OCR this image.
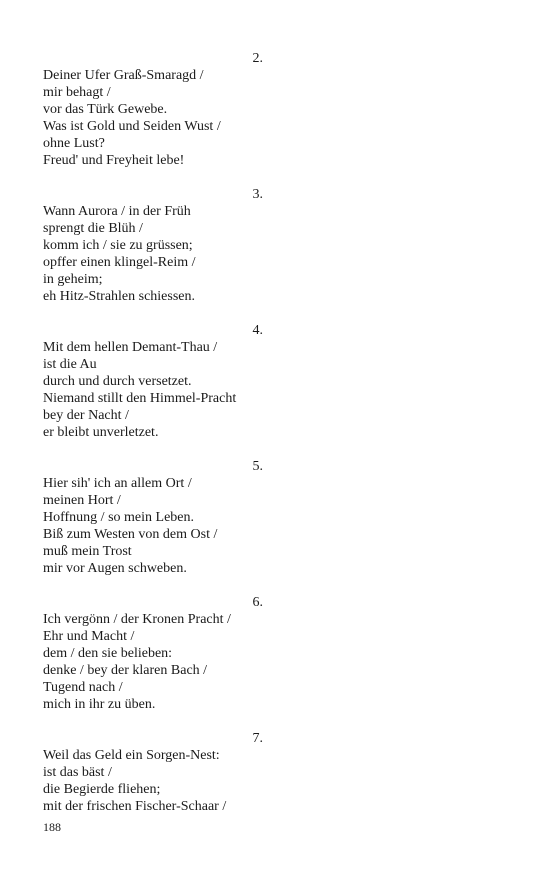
2.
Deiner Ufer Graß-Smaragd /
mir behagt /
vor das Türk Gewebe.
Was ist Gold und Seiden Wust /
ohne Lust?
Freud' und Freyheit lebe!
3.
Wann Aurora / in der Früh
sprengt die Blüh /
komm ich / sie zu grüssen;
opffer einen klingel-Reim /
in geheim;
eh Hitz-Strahlen schiessen.
4.
Mit dem hellen Demant-Thau /
ist die Au
durch und durch versetzet.
Niemand stillt den Himmel-Pracht
bey der Nacht /
er bleibt unverletzet.
5.
Hier sih' ich an allem Ort /
meinen Hort /
Hoffnung / so mein Leben.
Biß zum Westen von dem Ost /
muß mein Trost
mir vor Augen schweben.
6.
Ich vergönn / der Kronen Pracht /
Ehr und Macht /
dem / den sie belieben:
denke / bey der klaren Bach /
Tugend nach /
mich in ihr zu üben.
7.
Weil das Geld ein Sorgen-Nest:
ist das bäst /
die Begierde fliehen;
mit der frischen Fischer-Schaar /
188
